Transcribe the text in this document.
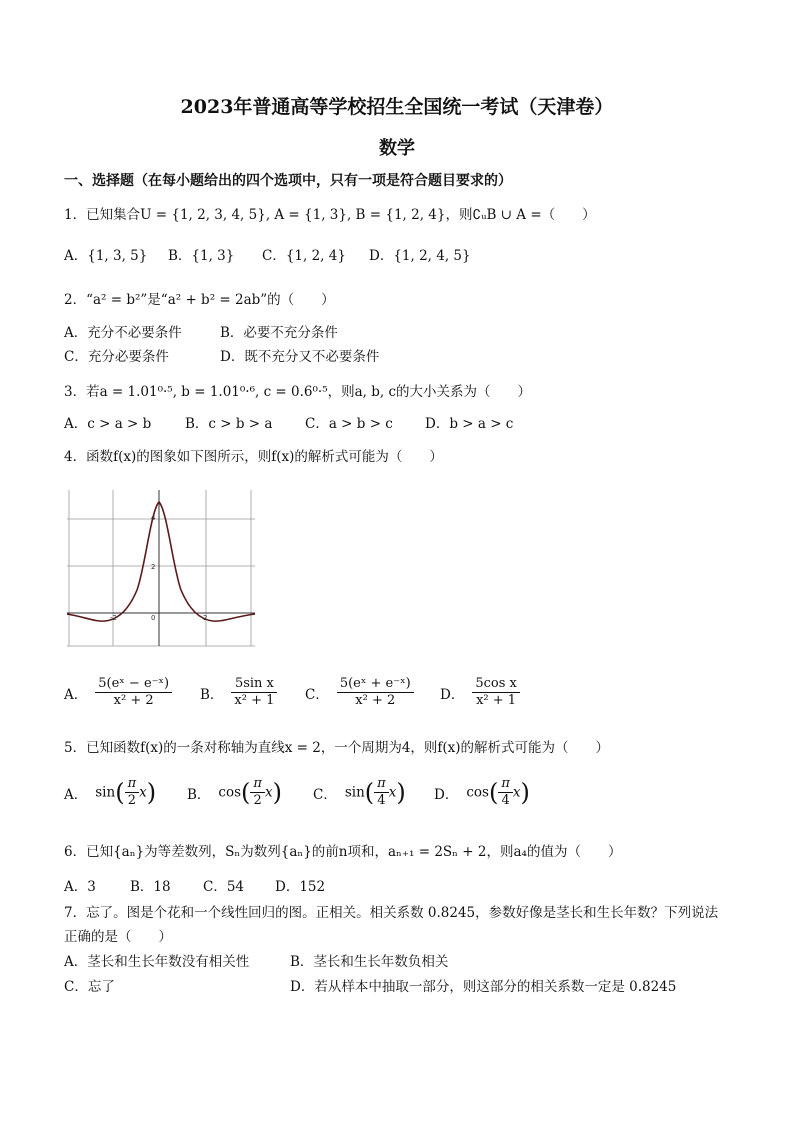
2023年普通高等学校招生全国统一考试（天津卷）
数学
一、选择题（在每小题给出的四个选项中，只有一项是符合题目要求的）
1．已知集合U = {1, 2, 3, 4, 5}, A = {1, 3}, B = {1, 2, 4}，则∁ᵤB ∪ A =（　　）
A．{1, 3, 5} B．{1, 3} C．{1, 2, 4} D．{1, 2, 4, 5}
2．“a² = b²”是“a² + b² = 2ab”的（　　）
A．充分不必要条件	B．必要不充分条件
C．充分必要条件	D．既不充分又不必要条件
3．若a = 1.01⁰·⁵, b = 1.01⁰·⁶, c = 0.6⁰·⁵，则a, b, c的大小关系为（　　）
A．c > a > b B．c > b > a C．a > b > c D．b > a > c
4．函数f(x)的图象如下图所示，则f(x)的解析式可能为（　　）
4
2
0
-2	2
A． $\frac{\text{5(eˣ − e⁻ˣ)}}{\text{x² + 2}}$ B． $\frac{\text{5sin x}}{\text{x² + 1}}$ C． $\frac{\text{5(eˣ + e⁻ˣ)}}{\text{x² + 2}}$ D． $\frac{\text{5cos x}}{\text{x² + 1}}$
5．已知函数f(x)的一条对称轴为直线x = 2，一个周期为4，则f(x)的解析式可能为（　　）
A． $\sin( \frac{\pi}{2} x)$ B． $\cos( \frac{\pi}{2} x)$ C． $\sin( \frac{\pi}{4} x)$ D． $\cos( \frac{\pi}{4} x)$
6．已知{aₙ}为等差数列，Sₙ为数列{aₙ}的前n项和，aₙ₊₁ = 2Sₙ + 2，则a₄的值为（　　）
A．3	B．18 C．54 D．152
7．忘了。图是个花和一个线性回归的图。正相关。相关系数 0.8245，参数好像是茎长和生长年数？下列说法
正确的是（　　）
A．茎长和生长年数没有相关性	B．茎长和生长年数负相关
C．忘了	D．若从样本中抽取一部分，则这部分的相关系数一定是 0.8245
